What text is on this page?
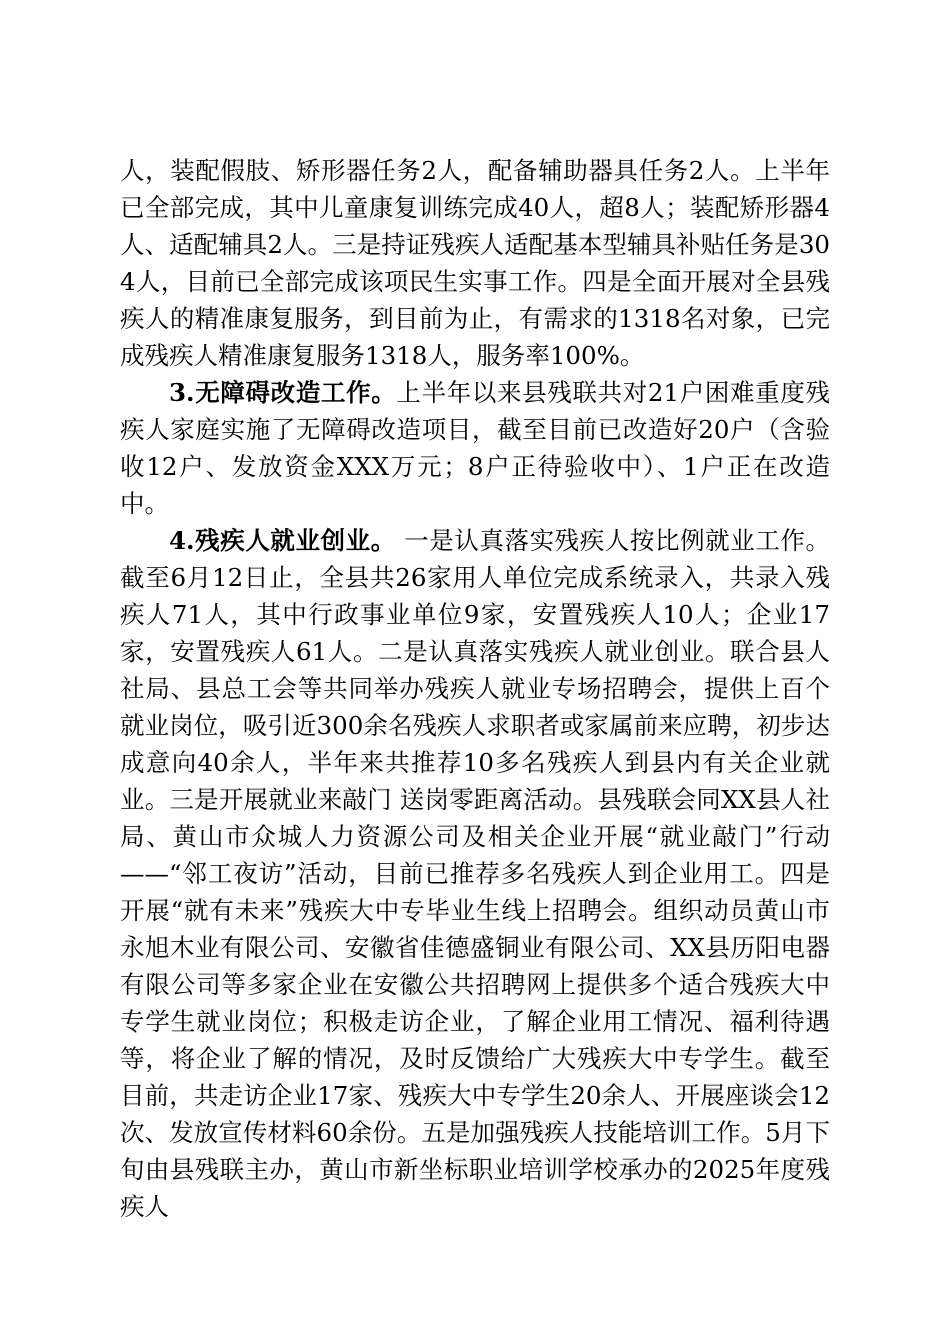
人，装配假肢、矫形器任务2人，配备辅助器具任务2人。上半年已全部完成，其中儿童康复训练完成40人，超8人；装配矫形器4人、适配辅具2人。三是持证残疾人适配基本型辅具补贴任务是304人，目前已全部完成该项民生实事工作。四是全面开展对全县残疾人的精准康复服务，到目前为止，有需求的1318名对象，已完成残疾人精准康复服务1318人，服务率100%。

3.无障碍改造工作。上半年以来县残联共对21户困难重度残疾人家庭实施了无障碍改造项目，截至目前已改造好20户（含验收12户、发放资金XXX万元；8户正待验收中）、1户正在改造中。

4.残疾人就业创业。 一是认真落实残疾人按比例就业工作。截至6月12日止，全县共26家用人单位完成系统录入，共录入残疾人71人，其中行政事业单位9家，安置残疾人10人；企业17家，安置残疾人61人。二是认真落实残疾人就业创业。联合县人社局、县总工会等共同举办残疾人就业专场招聘会，提供上百个就业岗位，吸引近300余名残疾人求职者或家属前来应聘，初步达成意向40余人，半年来共推荐10多名残疾人到县内有关企业就业。三是开展就业来敲门 送岗零距离活动。县残联会同XX县人社局、黄山市众城人力资源公司及相关企业开展“就业敲门”行动——“邻工夜访”活动，目前已推荐多名残疾人到企业用工。四是开展“就有未来”残疾大中专毕业生线上招聘会。组织动员黄山市永旭木业有限公司、安徽省佳德盛铜业有限公司、XX县历阳电器有限公司等多家企业在安徽公共招聘网上提供多个适合残疾大中专学生就业岗位；积极走访企业，了解企业用工情况、福利待遇等，将企业了解的情况，及时反馈给广大残疾大中专学生。截至目前，共走访企业17家、残疾大中专学生20余人、开展座谈会12次、发放宣传材料60余份。五是加强残疾人技能培训工作。5月下旬由县残联主办，黄山市新坐标职业培训学校承办的2025年度残疾人
